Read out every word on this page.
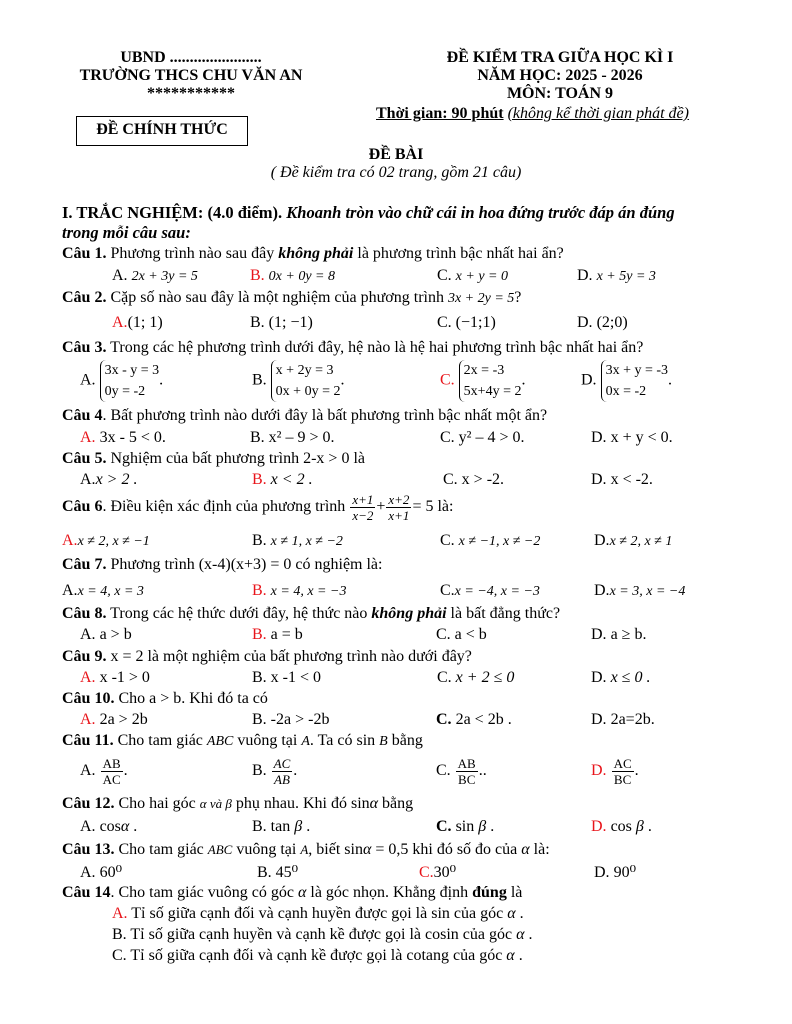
UBND .......................
TRƯỜNG THCS CHU VĂN AN
***********
ĐỀ KIỂM TRA GIỮA HỌC KÌ I
NĂM HỌC: 2025 - 2026
MÔN: TOÁN 9
Thời gian: 90 phút (không kể thời gian phát đề)
ĐỀ CHÍNH THỨC
ĐỀ BÀI
( Đề kiểm tra có 02 trang, gồm 21 câu)
I. TRẮC NGHIỆM: (4.0 điểm). Khoanh tròn vào chữ cái in hoa đứng trước đáp án đúng
trong mỗi câu sau:
Câu 1. Phương trình nào sau đây không phải là phương trình bậc nhất hai ẩn?
A. 2x + 3y = 5	B. 0x + 0y = 8	C. x + y = 0	D. x + 5y = 3
Câu 2. Cặp số nào sau đây là một nghiệm của phương trình 3x + 2y = 5?
A.(1; 1)	B. (1; −1)	C. (−1;1)	D. (2;0)
Câu 3. Trong các hệ phương trình dưới đây, hệ nào là hệ hai phương trình bậc nhất hai ẩn?
A.
3x - y = 3
0y = -2
.	B.
x + 2y = 3
0x + 0y = 2
.	C.
2x = -3
5x+4y = 2
.	D.
3x + y = -3
0x = -2
.
Câu 4. Bất phương trình nào dưới đây là bất phương trình bậc nhất một ẩn?
A. 3x - 5 < 0.	B. x² – 9 > 0.	C. y² – 4 > 0.	D. x + y < 0.
Câu 5. Nghiệm của bất phương trình 2-x > 0 là
A.x > 2 .	B. x < 2 .	C. x > -2.	D. x < -2.
Câu 6. Điều kiện xác định của phương trình $\frac{x+1}{x-2} + \frac{x+2}{x+1} = 5$ là:
A.x ≠ 2, x ≠ −1	B. x ≠ 1, x ≠ −2	C. x ≠ −1, x ≠ −2	D.x ≠ 2, x ≠ 1
Câu 7. Phương trình (x-4)(x+3) = 0 có nghiệm là:
A.x = 4, x = 3	B. x = 4, x = −3	C.x = −4, x = −3	D.x = 3, x = −4
Câu 8. Trong các hệ thức dưới đây, hệ thức nào không phải là bất đẳng thức?
A. a > b	B. a = b	C. a < b	D. a ≥ b.
Câu 9. x = 2 là một nghiệm của bất phương trình nào dưới đây?
A. x -1 > 0	B. x -1 < 0	C. x + 2 ≤ 0	D. x ≤ 0 .
Câu 10. Cho a > b. Khi đó ta có
A. 2a > 2b	B. -2a > -2b	C. 2a < 2b .	D. 2a=2b.
Câu 11. Cho tam giác ABC vuông tại A. Ta có sin B bằng
A. $\frac{AB}{AC}$ .	B. $\frac{AC}{AB}$ .	C. $\frac{AB}{BC}$ ..	D. $\frac{AC}{BC}$ .
Câu 12. Cho hai góc α và β phụ nhau. Khi đó sinα bằng
A. cosα .	B. tan β .	C. sin β .	D. cos β .
Câu 13. Cho tam giác ABC vuông tại A, biết sinα = 0,5 khi đó số đo của α là:
A. 60⁰	B. 45⁰	C.30⁰	D. 90⁰
Câu 14. Cho tam giác vuông có góc α là góc nhọn. Khẳng định đúng là
A. Tỉ số giữa cạnh đối và cạnh huyền được gọi là sin của góc α .
B. Tỉ số giữa cạnh huyền và cạnh kề được gọi là cosin của góc α .
C. Tỉ số giữa cạnh đối và cạnh kề được gọi là cotang của góc α .
